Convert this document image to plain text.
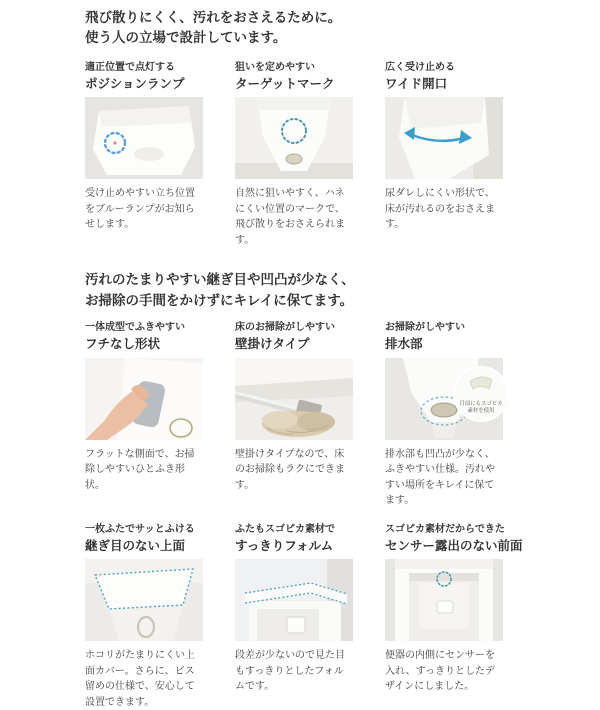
飛び散りにくく、汚れをおさえるために。
使う人の立場で設計しています。
適正位置で点灯する
ポジションランプ
受け止めやすい立ち位置をブルーランプがお知らせします。
狙いを定めやすい
ターゲットマーク
自然に狙いやすく、ハネにくい位置のマークで、飛び散りをおさえられます。
広く受け止める
ワイド開口
尿ダレしにくい形状で、床が汚れるのをおさえます。
汚れのたまりやすい継ぎ目や凹凸が少なく、
お掃除の手間をかけずにキレイに保てます。
一体成型でふきやすい
フチなし形状
フラットな側面で、お掃除しやすいひとふき形状。
床のお掃除がしやすい
壁掛けタイプ
壁掛けタイプなので、床のお掃除もラクにできます。
お掃除がしやすい
排水部
目皿にもスゴピカ
素材を使用
排水部も凹凸が少なく、ふきやすい仕様。汚れやすい場所をキレイに保てます。
一枚ふたでサッとふける
継ぎ目のない上面
ホコリがたまりにくい上面カバー。さらに、ビス留めの仕様で、安心して設置できます。
ふたもスゴピカ素材で
すっきりフォルム
段差が少ないので見た目もすっきりとしたフォルムです。
スゴピカ素材だからできた
センサー露出のない前面
便器の内側にセンサーを入れ、すっきりとしたデザインにしました。
